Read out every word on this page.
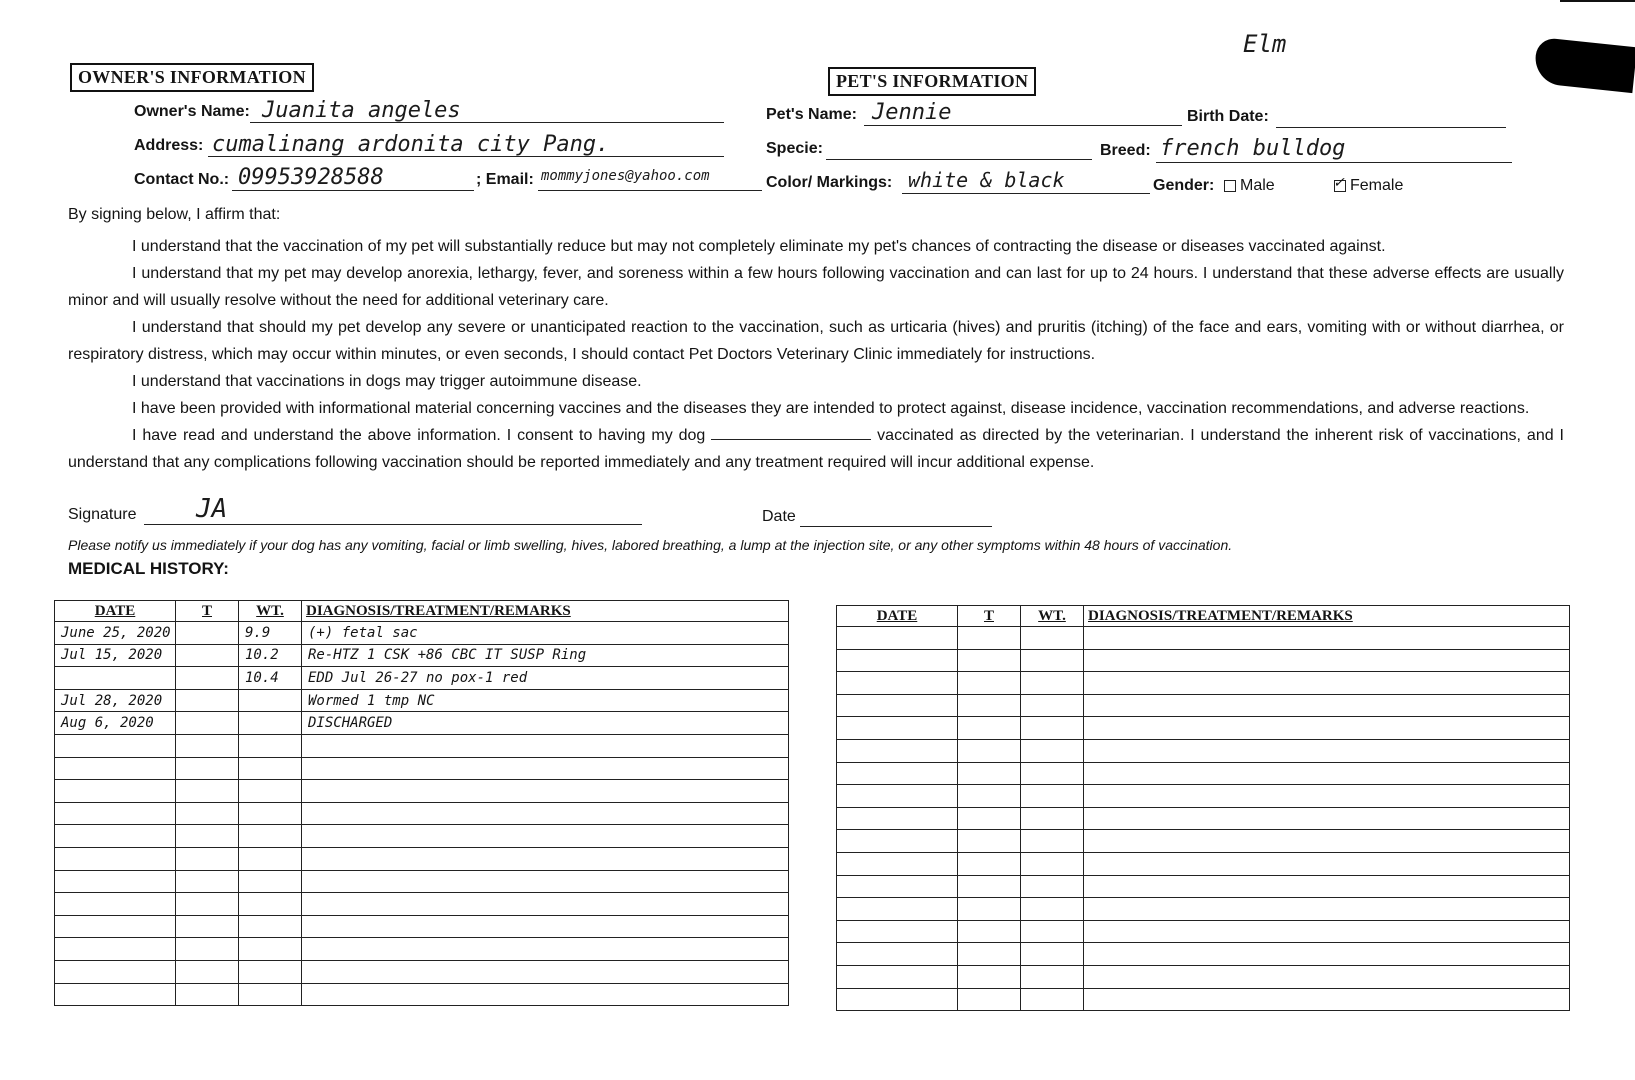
Elm
OWNER'S INFORMATION
Owner's Name: Juanita angeles
Address: cumalinang ardonita city Pang.
Contact No.: 09953928588	; Email: mommyjones@yahoo.com
PET'S INFORMATION
Pet's Name: Jennie	Birth Date:
Specie:	Breed: french bulldog
Color/ Markings: white & black	Gender:	Male	✓ Female
By signing below, I affirm that:

I understand that the vaccination of my pet will substantially reduce but may not completely eliminate my pet's chances of contracting the disease or diseases vaccinated against.

I understand that my pet may develop anorexia, lethargy, fever, and soreness within a few hours following vaccination and can last for up to 24 hours. I understand that these adverse effects are usually minor and will usually resolve without the need for additional veterinary care.

I understand that should my pet develop any severe or unanticipated reaction to the vaccination, such as urticaria (hives) and pruritis (itching) of the face and ears, vomiting with or without diarrhea, or respiratory distress, which may occur within minutes, or even seconds, I should contact Pet Doctors Veterinary Clinic immediately for instructions.

I understand that vaccinations in dogs may trigger autoimmune disease.

I have been provided with informational material concerning vaccines and the diseases they are intended to protect against, disease incidence, vaccination recommendations, and adverse reactions.

I have read and understand the above information. I consent to having my dog	vaccinated as directed by the veterinarian. I understand the inherent risk of vaccinations, and I understand that any complications following vaccination should be reported immediately and any treatment required will incur additional expense.

Signature JA	Date
Please notify us immediately if your dog has any vomiting, facial or limb swelling, hives, labored breathing, a lump at the injection site, or any other symptoms within 48 hours of vaccination.
MEDICAL HISTORY:
DATE	T	WT.	DIAGNOSIS/TREATMENT/REMARKS
June 25, 2020		9.9	(+) fetal sac
Jul 15, 2020		10.2	Re-HTZ 1 CSK +86 CBC IT SUSP Ring
		10.4	EDD Jul 26-27 no pox-1 red
Jul 28, 2020			Wormed 1 tmp NC
Aug 6, 2020			DISCHARGED

DATE	T	WT.	DIAGNOSIS/TREATMENT/REMARKS
